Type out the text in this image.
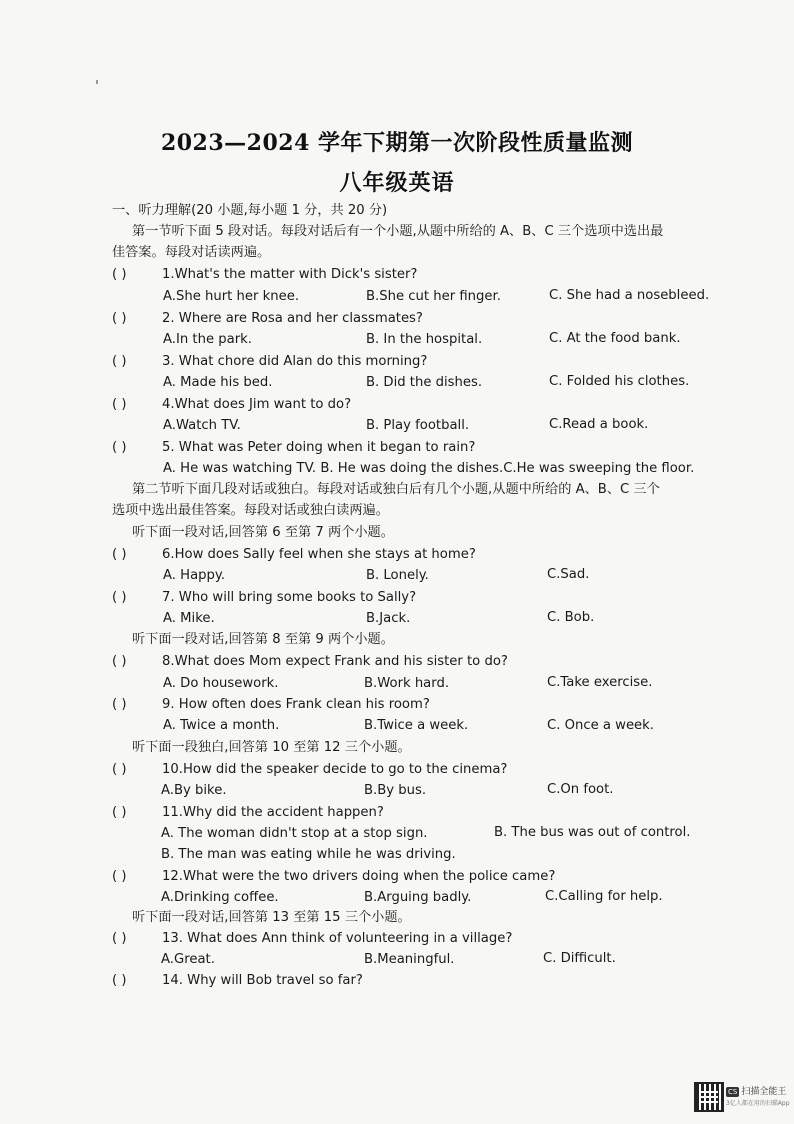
2023—2024 学年下期第一次阶段性质量监测
八年级英语
一、听力理解(20 小题,每小题 1 分，共 20 分)
第一节听下面 5 段对话。每段对话后有一个小题,从题中所给的 A、B、C 三个选项中选出最
佳答案。每段对话读两遍。
( )	1.What's the matter with Dick's sister?
A.She hurt her knee.	B.She cut her finger.	C. She had a nosebleed.
( )	2. Where are Rosa and her classmates?
A.In the park.	B. In the hospital.	C. At the food bank.
( )	3. What chore did Alan do this morning?
A. Made his bed.	B. Did the dishes.	C. Folded his clothes.
( )	4.What does Jim want to do?
A.Watch TV.	B. Play football.	C.Read a book.
( )	5. What was Peter doing when it began to rain?
A. He was watching TV. B. He was doing the dishes.C.He was sweeping the floor.
第二节听下面几段对话或独白。每段对话或独白后有几个小题,从题中所给的 A、B、C 三个
选项中选出最佳答案。每段对话或独白读两遍。
听下面一段对话,回答第 6 至第 7 两个小题。
( )	6.How does Sally feel when she stays at home?
A. Happy.	B. Lonely.	C.Sad.
( )	7. Who will bring some books to Sally?
A. Mike.	B.Jack.	C. Bob.
听下面一段对话,回答第 8 至第 9 两个小题。
( )	8.What does Mom expect Frank and his sister to do?
A. Do housework.	B.Work hard.	C.Take exercise.
( )	9. How often does Frank clean his room?
A. Twice a month.	B.Twice a week.	C. Once a week.
听下面一段独白,回答第 10 至第 12 三个小题。
( )	10.How did the speaker decide to go to the cinema?
A.By bike.	B.By bus.	C.On foot.
( )	11.Why did the accident happen?
A. The woman didn't stop at a stop sign.	B. The bus was out of control.
B. The man was eating while he was driving.
( )	12.What were the two drivers doing when the police came?
A.Drinking coffee.	B.Arguing badly.	C.Calling for help.
听下面一段对话,回答第 13 至第 15 三个小题。
( )	13. What does Ann think of volunteering in a village?
A.Great.	B.Meaningful.	C. Difficult.
( )	14. Why will Bob travel so far?
CS 扫描全能王
3亿人都在用的扫描App
